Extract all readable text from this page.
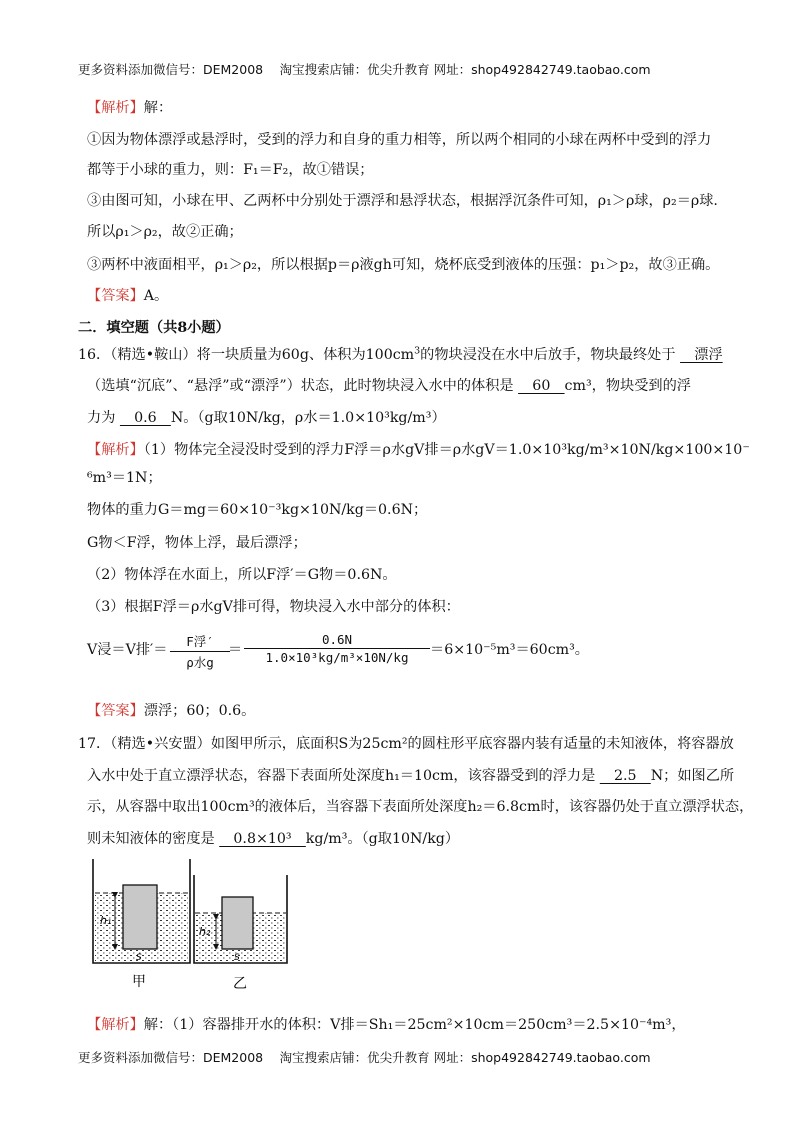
更多资料添加微信号：DEM2008　 淘宝搜索店铺：优尖升教育 网址：shop492842749.taobao.com
【解析】解：
①因为物体漂浮或悬浮时，受到的浮力和自身的重力相等，所以两个相同的小球在两杯中受到的浮力
都等于小球的重力，则：F₁＝F₂，故①错误；
③由图可知，小球在甲、乙两杯中分别处于漂浮和悬浮状态，根据浮沉条件可知，ρ₁＞ρ球，ρ₂＝ρ球.
所以ρ₁＞ρ₂，故②正确；
③两杯中液面相平，ρ₁＞ρ₂，所以根据p＝ρ液gh可知，烧杯底受到液体的压强：p₁＞p₂，故③正确。
【答案】A。
二．填空题（共8小题）
16．（精选•鞍山）将一块质量为60g、体积为$100cm^3$的物块浸没在水中后放手，物块最终处于 　漂浮
（选填“沉底”、“悬浮”或“漂浮”）状态，此时物块浸入水中的体积是 　60　cm³，物块受到的浮
力为 　0.6　N。（g取10N/kg，ρ水＝1.0×10³kg/m³）
【解析】（1）物体完全浸没时受到的浮力F浮＝ρ水gV排＝ρ水gV＝1.0×10³kg/m³×10N/kg×100×10⁻
⁶m³＝1N；
物体的重力G＝mg＝60×10⁻³kg×10N/kg＝0.6N；
G物＜F浮，物体上浮，最后漂浮；
（2）物体浮在水面上，所以F浮′＝G物＝0.6N。
（3）根据F浮＝ρ水gV排可得，物块浸入水中部分的体积：
V浸＝V排′＝
F浮′
ρ水g
＝ $\frac{0.6N}{\text{1.0×10³kg/m³×10N/kg}} =6\times 10^{-5}m^3=60cm^3$。
【答案】漂浮；60；0.6。
17．（精选•兴安盟）如图甲所示，底面积S为25cm²的圆柱形平底容器内装有适量的未知液体，将容器放
入水中处于直立漂浮状态，容器下表面所处深度h₁＝10cm，该容器受到的浮力是 　2.5　N；如图乙所
示，从容器中取出100cm³的液体后，当容器下表面所处深度h₂＝6.8cm时，该容器仍处于直立漂浮状态，
则未知液体的密度是 　0.8×10³　kg/m³。（g取10N/kg）
h₁
S
h₂
S
甲	乙
【解析】解：（1）容器排开水的体积：V排＝Sh₁＝25cm²×10cm＝250cm³＝2.5×10⁻⁴m³，
更多资料添加微信号：DEM2008　 淘宝搜索店铺：优尖升教育 网址：shop492842749.taobao.com
